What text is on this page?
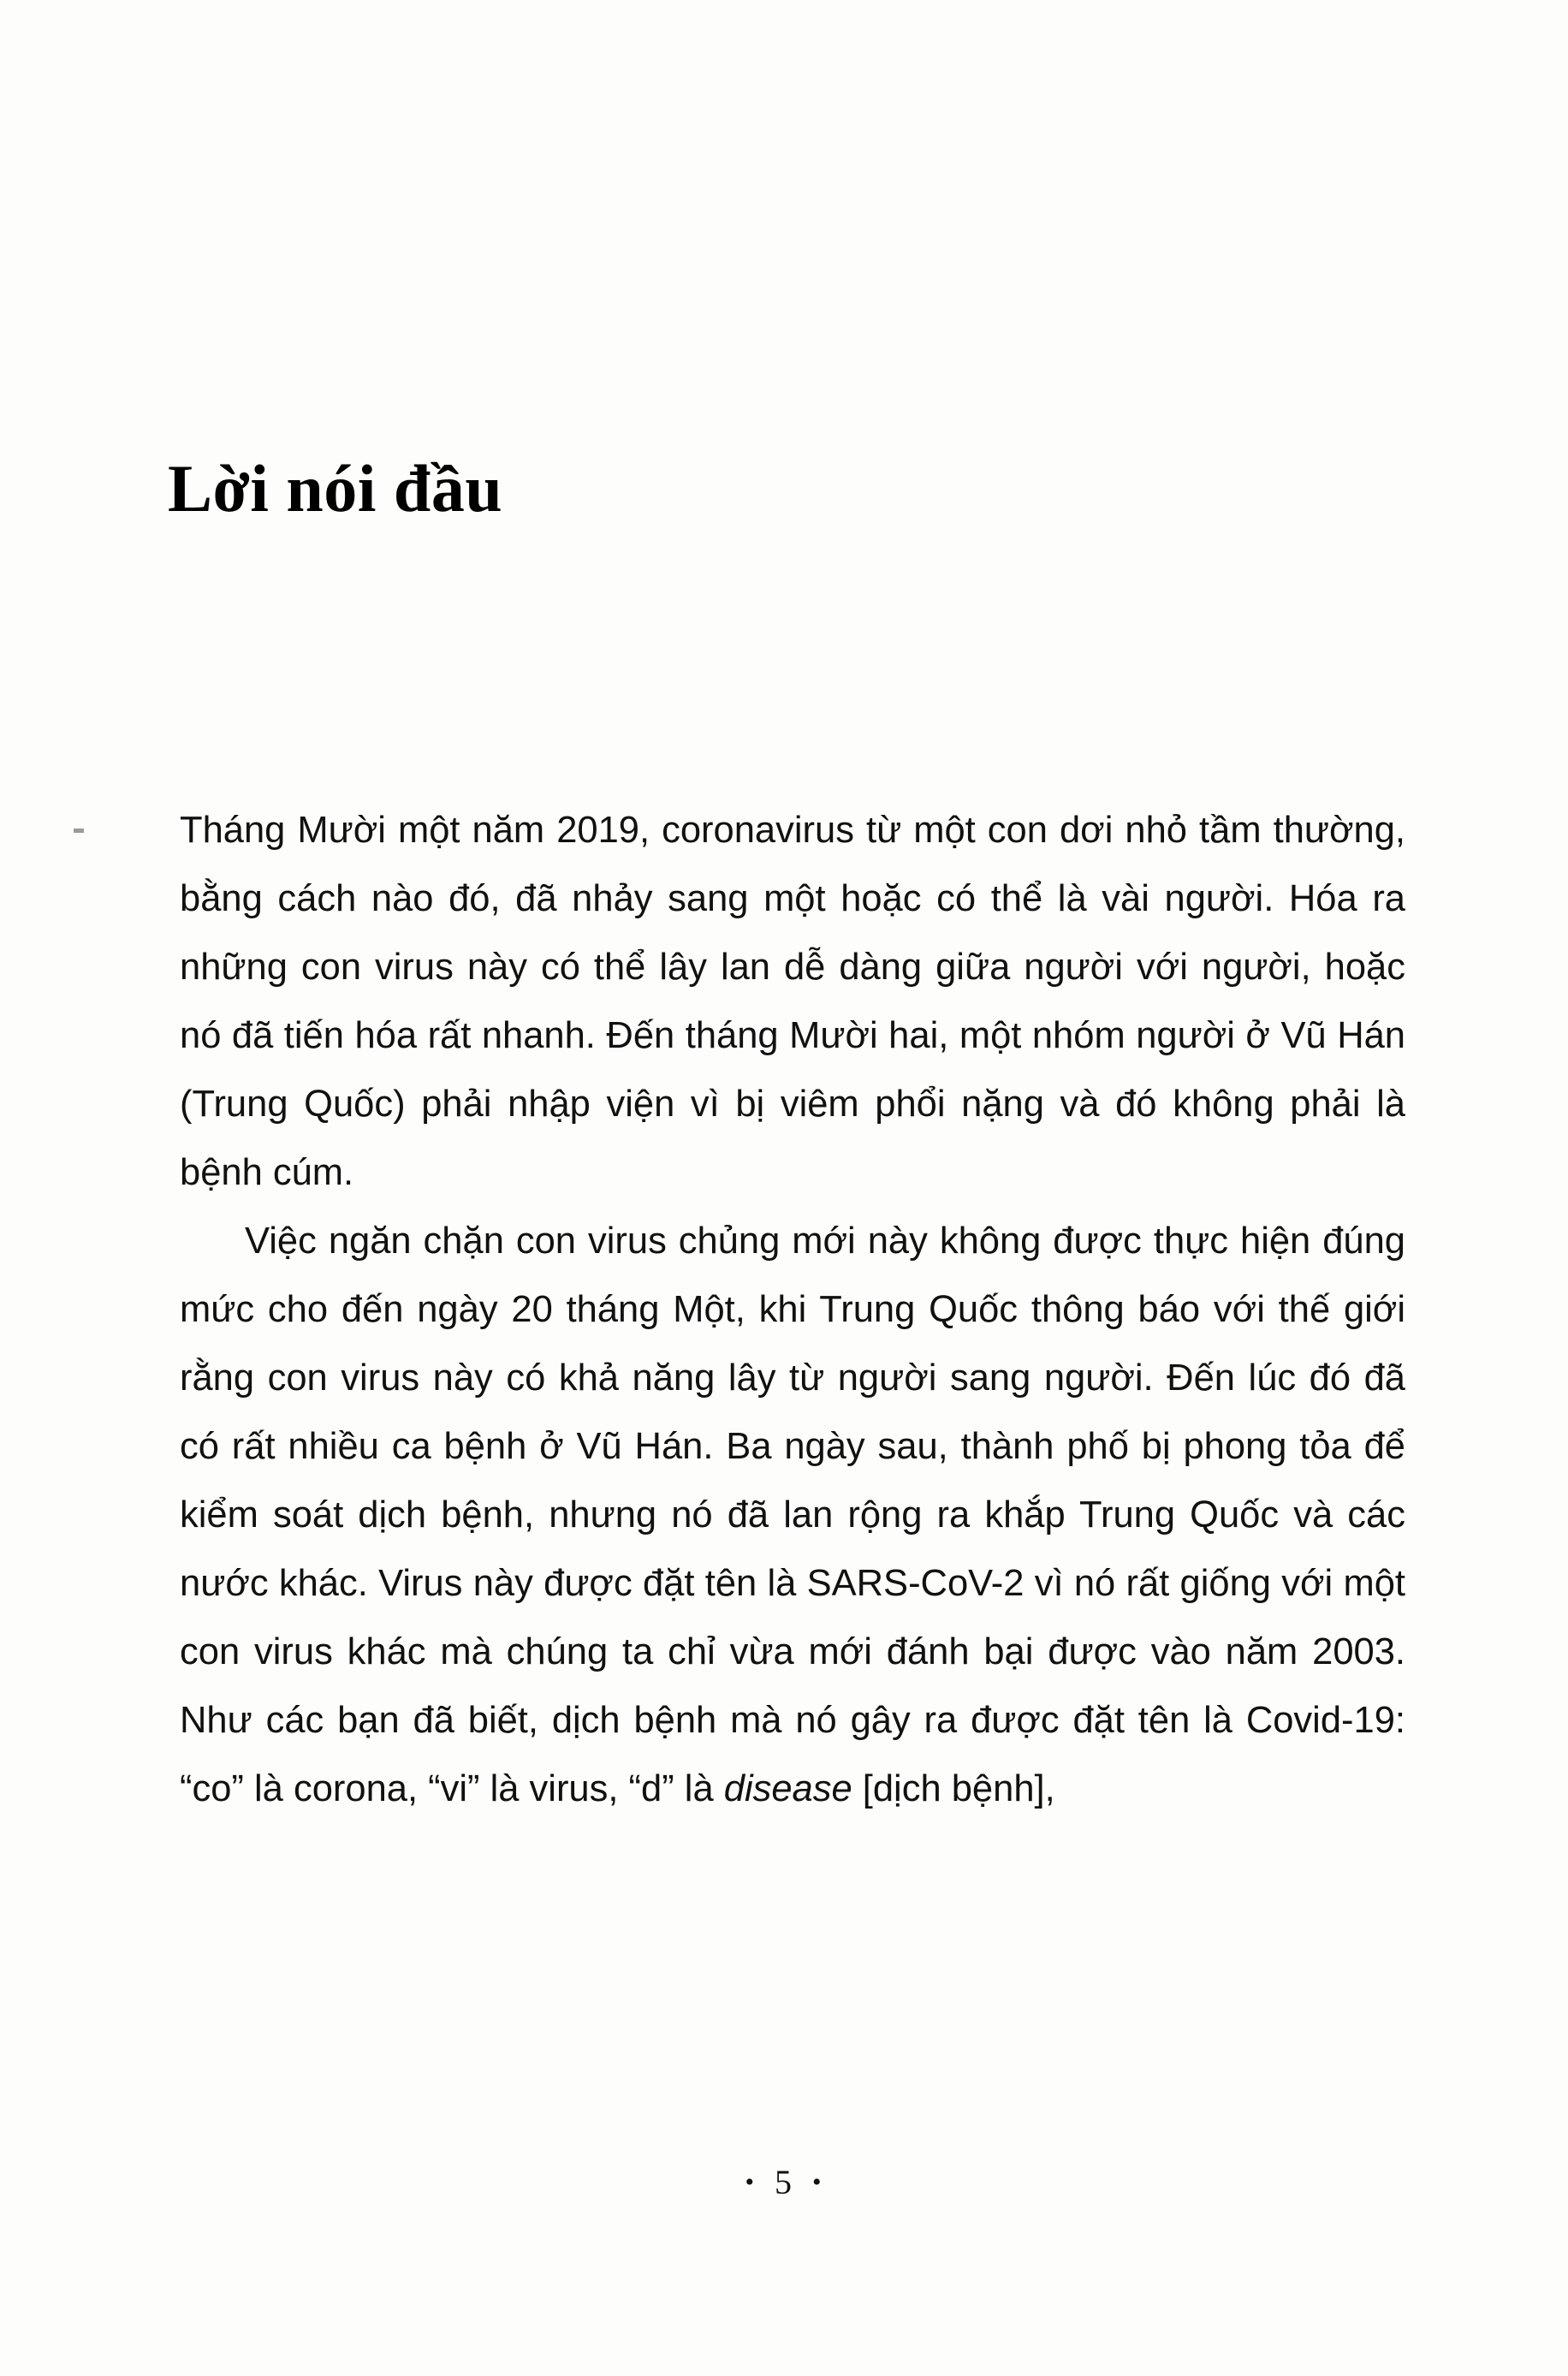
Lời nói đầu

Tháng Mười một năm 2019, coronavirus từ một con dơi nhỏ tầm thường, bằng cách nào đó, đã nhảy sang một hoặc có thể là vài người. Hóa ra những con virus này có thể lây lan dễ dàng giữa người với người, hoặc nó đã tiến hóa rất nhanh. Đến tháng Mười hai, một nhóm người ở Vũ Hán (Trung Quốc) phải nhập viện vì bị viêm phổi nặng và đó không phải là bệnh cúm.

Việc ngăn chặn con virus chủng mới này không được thực hiện đúng mức cho đến ngày 20 tháng Một, khi Trung Quốc thông báo với thế giới rằng con virus này có khả năng lây từ người sang người. Đến lúc đó đã có rất nhiều ca bệnh ở Vũ Hán. Ba ngày sau, thành phố bị phong tỏa để kiểm soát dịch bệnh, nhưng nó đã lan rộng ra khắp Trung Quốc và các nước khác. Virus này được đặt tên là SARS-CoV-2 vì nó rất giống với một con virus khác mà chúng ta chỉ vừa mới đánh bại được vào năm 2003. Như các bạn đã biết, dịch bệnh mà nó gây ra được đặt tên là Covid-19: “co” là corona, “vi” là virus, “d” là disease [dịch bệnh],

• 5 •
